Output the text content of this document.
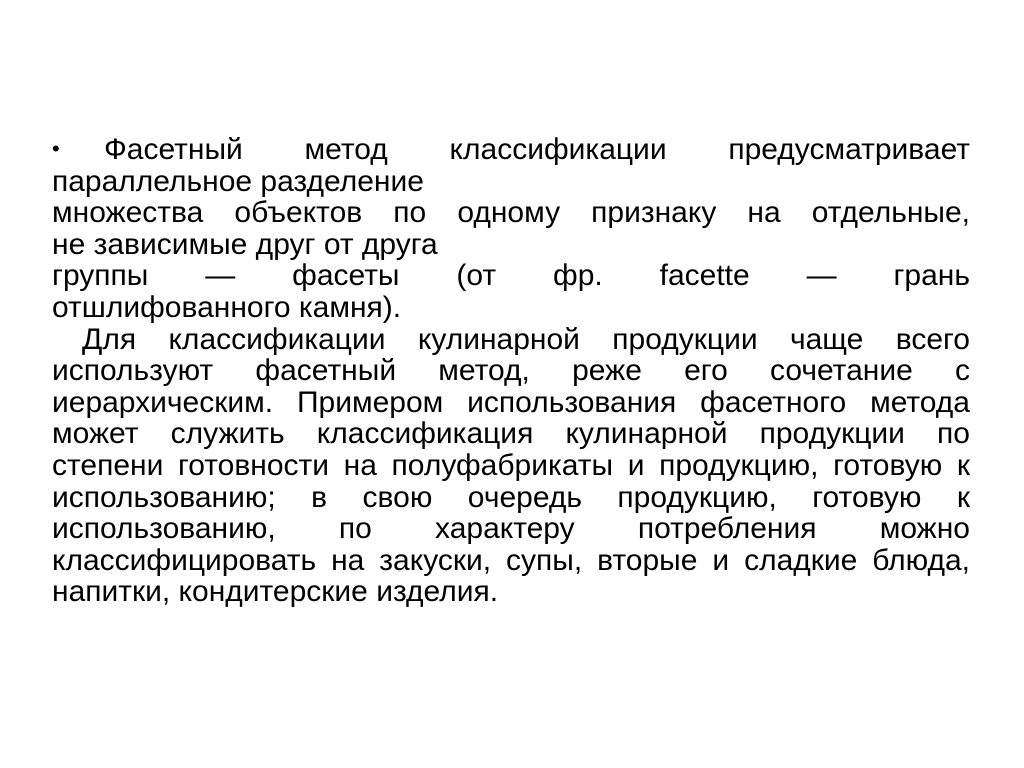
• Фасетный метод классификации предусматривает
параллельное разделение
множества объектов по одному признаку на отдельные,
не зависимые друг от друга
группы — фасеты (от фр. facette — грань
отшлифованного камня).
Для классификации кулинарной продукции чаще всего используют фасетный метод, реже его сочетание с иерархическим. Примером использования фасетного метода может служить классификация кулинарной продукции по степени готовности на полуфабрикаты и продукцию, готовую к использованию; в свою очередь продукцию, готовую к использованию, по характеру потребления можно классифицировать на закуски, супы, вторые и сладкие блюда, напитки, кондитерские изделия.
